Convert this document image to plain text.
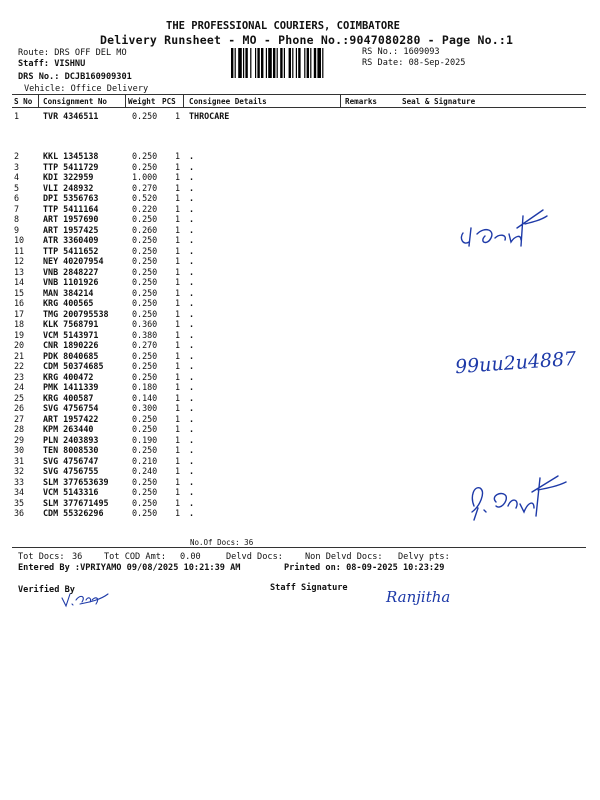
THE PROFESSIONAL COURIERS, COIMBATORE
Delivery Runsheet - MO - Phone No.:9047080280 - Page No.:1
Route: DRS OFF DEL MO
Staff: VISHNU
DRS No.: DCJB160909301
Vehicle: Office Delivery
RS No.: 1609093
RS Date: 08-Sep-2025
S No Consignment No	Weight PCS Consignee Details	Remarks	Seal & Signature
1	TVR 4346511	0.250 1 THROCARE
2	KKL 1345138	0.250 1 .
3	TTP 5411729	0.250 1 .
4	KDI 322959	1.000 1 .
5	VLI 248932	0.270 1 .
6	DPI 5356763	0.520 1 .
7	TTP 5411164	0.220 1 .
8	ART 1957690	0.250 1 .
9	ART 1957425	0.260 1 .
10 ATR 3360409	0.250 1 .
11 TTP 5411652	0.250 1 .
12 NEY 40207954	0.250 1 .
13 VNB 2848227	0.250 1 .
14 VNB 1101926	0.250 1 .
15 MAN 384214	0.250 1 .
16 KRG 400565	0.250 1 .
17 TMG 200795538	0.250 1 .
18 KLK 7568791	0.360 1 .
19 VCM 5143971	0.380 1 .
20 CNR 1890226	0.270 1 .
21 PDK 8040685	0.250 1 .
22 CDM 50374685	0.250 1 .
23 KRG 400472	0.250 1 .
24 PMK 1411339	0.180 1 .
25 KRG 400587	0.140 1 .
26 SVG 4756754	0.300 1 .
27 ART 1957422	0.250 1 .
28 KPM 263440	0.250 1 .
29 PLN 2403893	0.190 1 .
30 TEN 8008530	0.250 1 .
31 SVG 4756747	0.210 1 .
32 SVG 4756755	0.240 1 .
33 SLM 377653639	0.250 1 .
34 VCM 5143316	0.250 1 .
35 SLM 377671495	0.250 1 .
36 CDM 55326296	0.250 1 .
No.Of Docs: 36
Tot Docs: 36	Tot COD Amt: 0.00	Delvd Docs:	Non Delvd Docs: Delvy pts:
Entered By :VPRIYAMO 09/08/2025 10:21:39 AM	Printed on: 08-09-2025 10:23:29
Verified By	Staff Signature
99uu2u4887
Ranjitha
